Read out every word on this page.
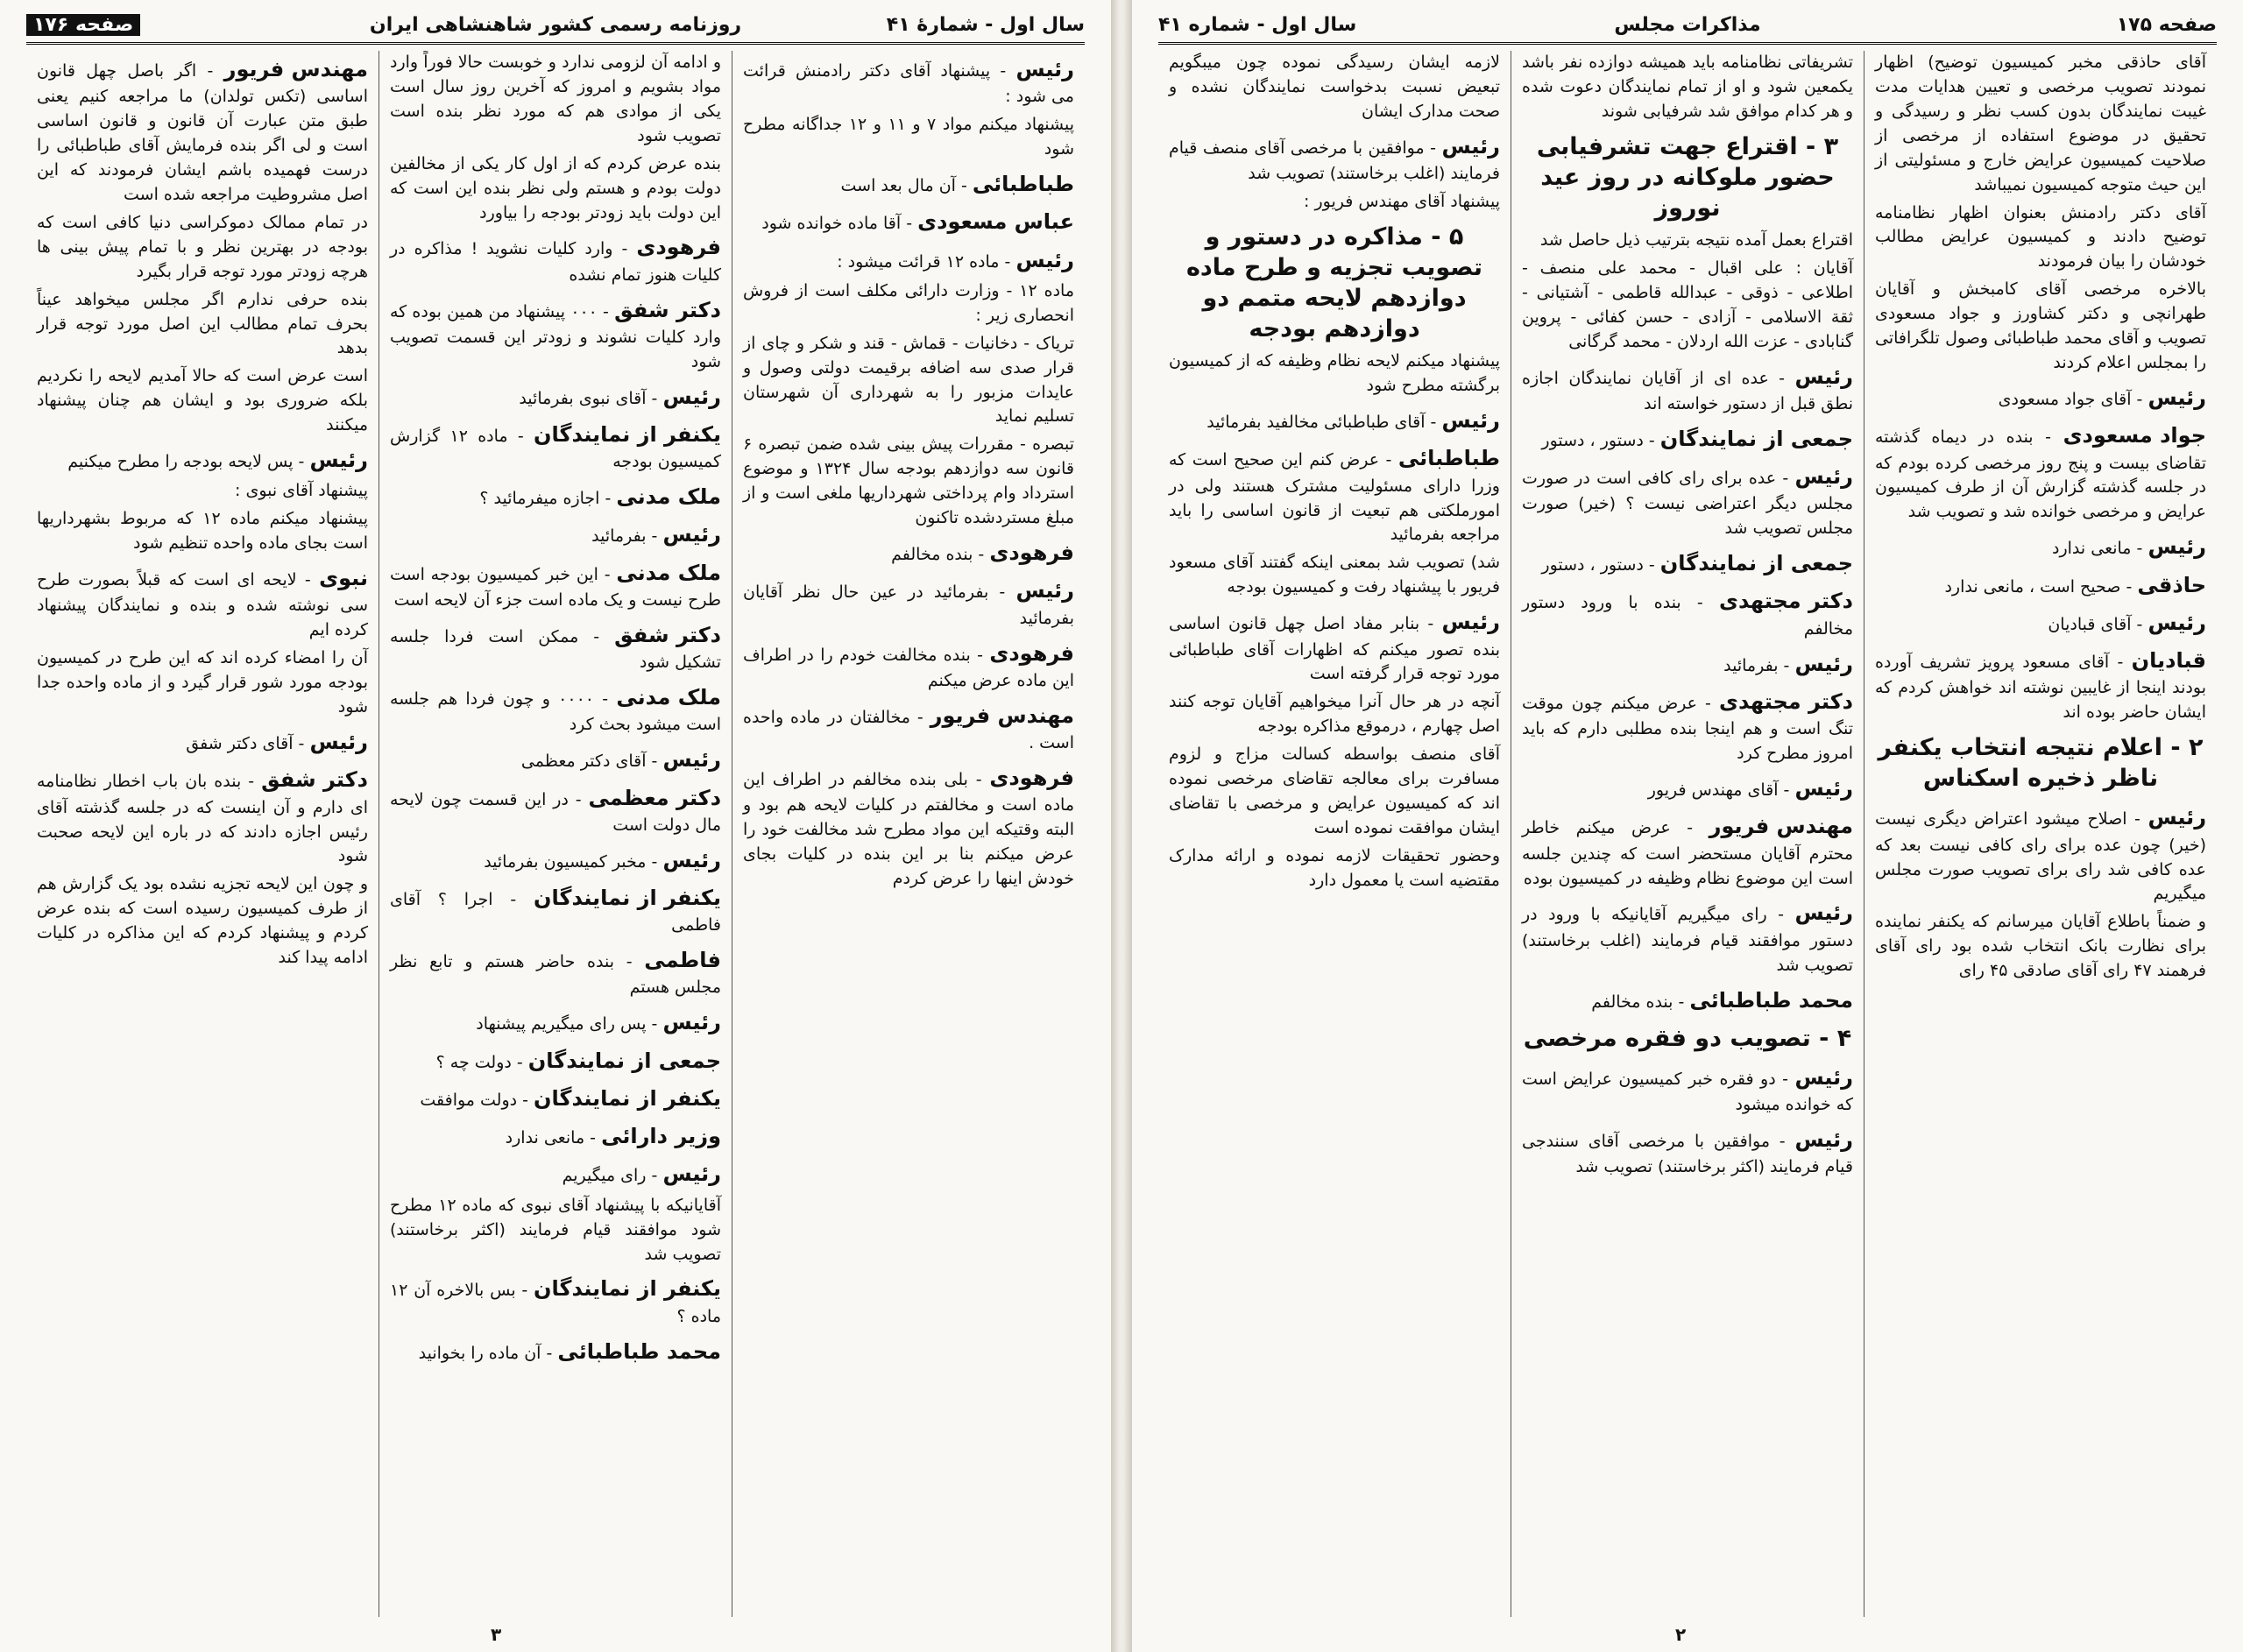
سال اول - شمارهٔ ۴۱
روزنامه رسمی کشور شاهنشاهی ایران
صفحه ۱۷۶

رئیس - پیشنهاد آقای دکتر رادمنش قرائت می شود :

پیشنهاد میکنم مواد ۷ و ۱۱ و ۱۲ جداگانه مطرح شود

طباطبائی - آن مال بعد است

عباس مسعودی - آقا ماده خوانده شود

رئیس - ماده ۱۲ قرائت میشود :

ماده ۱۲ - وزارت دارائی مکلف است از فروش انحصاری زیر :

تریاک - دخانیات - قماش - قند و شکر و چای از قرار صدی سه اضافه برقیمت دولتی وصول و عایدات مزبور را به شهرداری آن شهرستان تسلیم نماید

تبصره - مقررات پیش بینی شده ضمن تبصره ۶ قانون سه دوازدهم بودجه سال ۱۳۲۴ و موضوع استرداد وام پرداختی شهرداریها ملغی است و از مبلغ مستردشده تاکنون

فرهودی - بنده مخالفم

رئیس - بفرمائید در عین حال نظر آقایان بفرمائید

فرهودی - بنده مخالفت خودم را در اطراف این ماده عرض میکنم

مهندس فریور - مخالفتان در ماده واحده است .

فرهودی - بلی بنده مخالفم در اطراف این ماده است و مخالفتم در کلیات لایحه هم بود و البته وقتیکه این مواد مطرح شد مخالفت خود را عرض میکنم بنا بر این بنده در کلیات بجای خودش اینها را عرض کردم

و ادامه آن لزومی ندارد و خوبست حالا فوراً وارد مواد بشویم و امروز که آخرین روز سال است یکی از موادی هم که مورد نظر بنده است تصویب شود

بنده عرض کردم که از اول کار یکی از مخالفین دولت بودم و هستم ولی نظر بنده این است که این دولت باید زودتر بودجه را بیاورد

فرهودی - وارد کلیات نشوید ! مذاکره در کلیات هنوز تمام نشده

دکتر شفق - ۰۰۰ پیشنهاد من همین بوده که وارد کلیات نشوند و زودتر این قسمت تصویب شود

رئیس - آقای نبوی بفرمائید

یکنفر از نمایندگان - ماده ۱۲ گزارش کمیسیون بودجه

ملک مدنی - اجازه میفرمائید ؟

رئیس - بفرمائید

ملک مدنی - این خبر کمیسیون بودجه است طرح نیست و یک ماده است جزء آن لایحه است

دکتر شفق - ممکن است فردا جلسه تشکیل شود

ملک مدنی - ۰۰۰۰ و چون فردا هم جلسه است میشود بحث کرد

رئیس - آقای دکتر معظمی

دکتر معظمی - در این قسمت چون لایحه مال دولت است

رئیس - مخبر کمیسیون بفرمائید

یکنفر از نمایندگان - اجرا ؟ آقای فاطمی

فاطمی - بنده حاضر هستم و تابع نظر مجلس هستم

رئیس - پس رای میگیریم پیشنهاد

جمعی از نمایندگان - دولت چه ؟

یکنفر از نمایندگان - دولت موافقت

وزیر دارائی - مانعی ندارد

رئیس - رای میگیریم

آقایانیکه با پیشنهاد آقای نبوی که ماده ۱۲ مطرح شود موافقند قیام فرمایند (اکثر برخاستند) تصویب شد

یکنفر از نمایندگان - بس بالاخره آن ۱۲ ماده ؟

محمد طباطبائی - آن ماده را بخوانید

مهندس فریور - اگر باصل چهل قانون اساسی (تکس تولدان) ما مراجعه کنیم یعنی طبق متن عبارت آن قانون و قانون اساسی است و لی اگر بنده فرمایش آقای طباطبائی را درست فهمیده باشم ایشان فرمودند که این اصل مشروطیت مراجعه شده است

در تمام ممالک دموکراسی دنیا کافی است که بودجه در بهترین نظر و با تمام پیش بینی ها هرچه زودتر مورد توجه قرار بگیرد

بنده حرفی ندارم اگر مجلس میخواهد عیناً بحرف تمام مطالب این اصل مورد توجه قرار بدهد

است عرض است که حالا آمدیم لایحه را نکردیم بلکه ضروری بود و ایشان هم چنان پیشنهاد میکنند

رئیس - پس لایحه بودجه را مطرح میکنیم

پیشنهاد آقای نبوی :

پیشنهاد میکنم ماده ۱۲ که مربوط بشهرداریها است بجای ماده واحده تنظیم شود

نبوی - لایحه ای است که قبلاً بصورت طرح سی نوشته شده و بنده و نمایندگان پیشنهاد کرده ایم

آن را امضاء کرده اند که این طرح در کمیسیون بودجه مورد شور قرار گیرد و از ماده واحده جدا شود

رئیس - آقای دکتر شفق

دکتر شفق - بنده بان باب اخطار نظامنامه ای دارم و آن اینست که در جلسه گذشته آقای رئیس اجازه دادند که در باره این لایحه صحبت شود

و چون این لایحه تجزیه نشده بود یک گزارش هم از طرف کمیسیون رسیده است که بنده عرض کردم و پیشنهاد کردم که این مذاکره در کلیات ادامه پیدا کند

۳
صفحه ۱۷۵
مذاکرات مجلس
سال اول - شماره ۴۱

آقای حاذقی مخبر کمیسیون توضیح) اظهار نمودند تصویب مرخصی و تعیین هدایات مدت غیبت نمایندگان بدون کسب نظر و رسیدگی و تحقیق در موضوع استفاده از مرخصی از صلاحیت کمیسیون عرایض خارج و مسئولیتی از این حیث متوجه کمیسیون نمیباشد

آقای دکتر رادمنش بعنوان اظهار نظامنامه توضیح دادند و کمیسیون عرایض مطالب خودشان را بیان فرمودند

بالاخره مرخصی آقای کامبخش و آقایان طهرانچی و دکتر کشاورز و جواد مسعودی تصویب و آقای محمد طباطبائی وصول تلگرافاتی را بمجلس اعلام کردند

رئیس - آقای جواد مسعودی

جواد مسعودی - بنده در دیماه گذشته تقاضای بیست و پنج روز مرخصی کرده بودم که در جلسه گذشته گزارش آن از طرف کمیسیون عرایض و مرخصی خوانده شد و تصویب شد

رئیس - مانعی ندارد

حاذقی - صحیح است ، مانعی ندارد

رئیس - آقای قبادیان

قبادیان - آقای مسعود پرویز تشریف آورده بودند اینجا از غایبین نوشته اند خواهش کردم که ایشان حاضر بوده اند

۲ - اعلام نتیجه انتخاب یکنفر ناظر ذخیره اسکناس

رئیس - اصلاح میشود اعتراض دیگری نیست (خیر) چون عده برای رای کافی نیست بعد که عده کافی شد رای برای تصویب صورت مجلس میگیریم

و ضمناً باطلاع آقایان میرسانم که یکنفر نماینده برای نظارت بانک انتخاب شده بود رای آقای فرهمند ۴۷ رای آقای صادقی ۴۵ رای

تشریفاتی نظامنامه باید همیشه دوازده نفر باشد یکمعین شود و او از تمام نمایندگان دعوت شده و هر کدام موافق شد شرفیابی شوند

۳ - اقتراع جهت تشرفیابی حضور ملوکانه در روز عید نوروز

اقتراع بعمل آمده نتیجه بترتیب ذیل حاصل شد

آقایان : علی اقبال - محمد علی منصف - اطلاعی - ذوقی - عبدالله قاطمی - آشتیانی - ثقة الاسلامی - آزادی - حسن کفائی - پروین گنابادی - عزت الله اردلان - محمد گرگانی

رئیس - عده ای از آقایان نمایندگان اجازه نطق قبل از دستور خواسته اند

جمعی از نمایندگان - دستور ، دستور

رئیس - عده برای رای کافی است در صورت مجلس دیگر اعتراضی نیست ؟ (خیر) صورت مجلس تصویب شد

جمعی از نمایندگان - دستور ، دستور

دکتر مجتهدی - بنده با ورود دستور مخالفم

رئیس - بفرمائید

دکتر مجتهدی - عرض میکنم چون موقت تنگ است و هم اینجا بنده مطلبی دارم که باید امروز مطرح کرد

رئیس - آقای مهندس فریور

مهندس فریور - عرض میکنم خاطر محترم آقایان مستحضر است که چندین جلسه است این موضوع نظام وظیفه در کمیسیون بوده

رئیس - رای میگیریم آقایانیکه با ورود در دستور موافقند قیام فرمایند (اغلب برخاستند) تصویب شد

محمد طباطبائی - بنده مخالفم

۴ - تصویب دو فقره مرخصی

رئیس - دو فقره خبر کمیسیون عرایض است که خوانده میشود

رئیس - موافقین با مرخصی آقای سنندجی قیام فرمایند (اکثر برخاستند) تصویب شد

لازمه ایشان رسیدگی نموده چون میبگویم تبعیض نسبت بدخواست نمایندگان نشده و صحت مدارک ایشان

رئیس - موافقین با مرخصی آقای منصف قیام فرمایند (اغلب برخاستند) تصویب شد

پیشنهاد آقای مهندس فریور :

۵ - مذاکره در دستور و تصویب تجزیه و طرح ماده دوازدهم لایحه متمم دو دوازدهم بودجه

پیشنهاد میکنم لایحه نظام وظیفه که از کمیسیون برگشته مطرح شود

رئیس - آقای طباطبائی مخالفید بفرمائید

طباطبائی - عرض کنم این صحیح است که وزرا دارای مسئولیت مشترک هستند ولی در امورملکتی هم تبعیت از قانون اساسی را باید مراجعه بفرمائید

شد) تصویب شد بمعنی اینکه گفتند آقای مسعود فریور با پیشنهاد رفت و کمیسیون بودجه

رئیس - بنابر مفاد اصل چهل قانون اساسی بنده تصور میکنم که اظهارات آقای طباطبائی مورد توجه قرار گرفته است

آنچه در هر حال آنرا میخواهیم آقایان توجه کنند اصل چهارم ، درموقع مذاکره بودجه

آقای منصف بواسطه کسالت مزاج و لزوم مسافرت برای معالجه تقاضای مرخصی نموده اند که کمیسیون عرایض و مرخصی با تقاضای ایشان موافقت نموده است

وحضور تحقیقات لازمه نموده و ارائه مدارک مقتضیه است یا معمول دارد

۲
